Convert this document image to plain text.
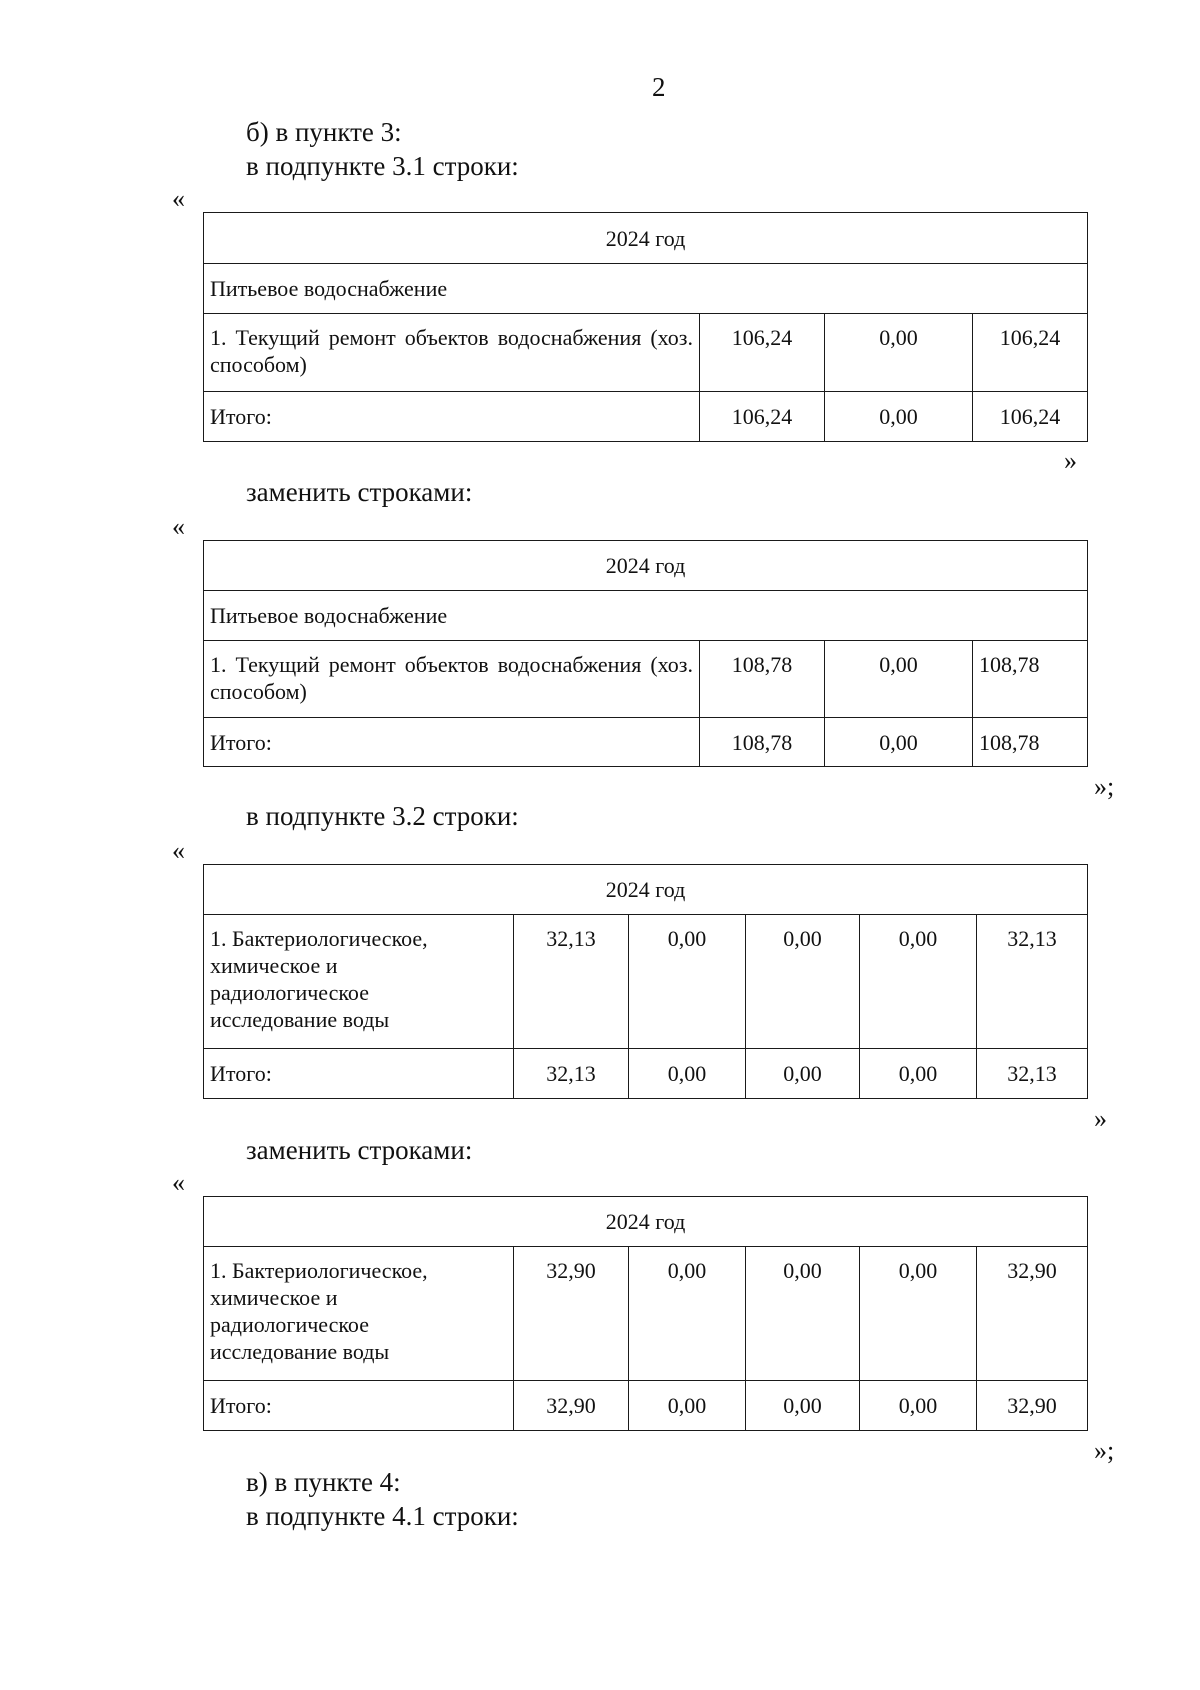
2
б) в пункте 3:
в подпункте 3.1 строки:
«
2024 год			
Питьевое водоснабжение			
1. Текущий ремонт объектов водоснабжения (хоз. способом)	106,24	0,00	106,24
Итого:	106,24	0,00	106,24
»
заменить строками:
«
2024 год			
Питьевое водоснабжение			
1. Текущий ремонт объектов водоснабжения (хоз. способом)	108,78	0,00	108,78
Итого:	108,78	0,00	108,78
»;
в подпункте 3.2 строки:
«
2024 год					

1. Бактериологическое,
химическое и
радиологическое
исследование воды	32,13	0,00	0,00	0,00	32,13
Итого:	32,13	0,00	0,00	0,00	32,13
»
заменить строками:
«
2024 год					

1. Бактериологическое,
химическое и
радиологическое
исследование воды	32,90	0,00	0,00	0,00	32,90
Итого:	32,90	0,00	0,00	0,00	32,90
»;
в) в пункте 4:
в подпункте 4.1 строки:
